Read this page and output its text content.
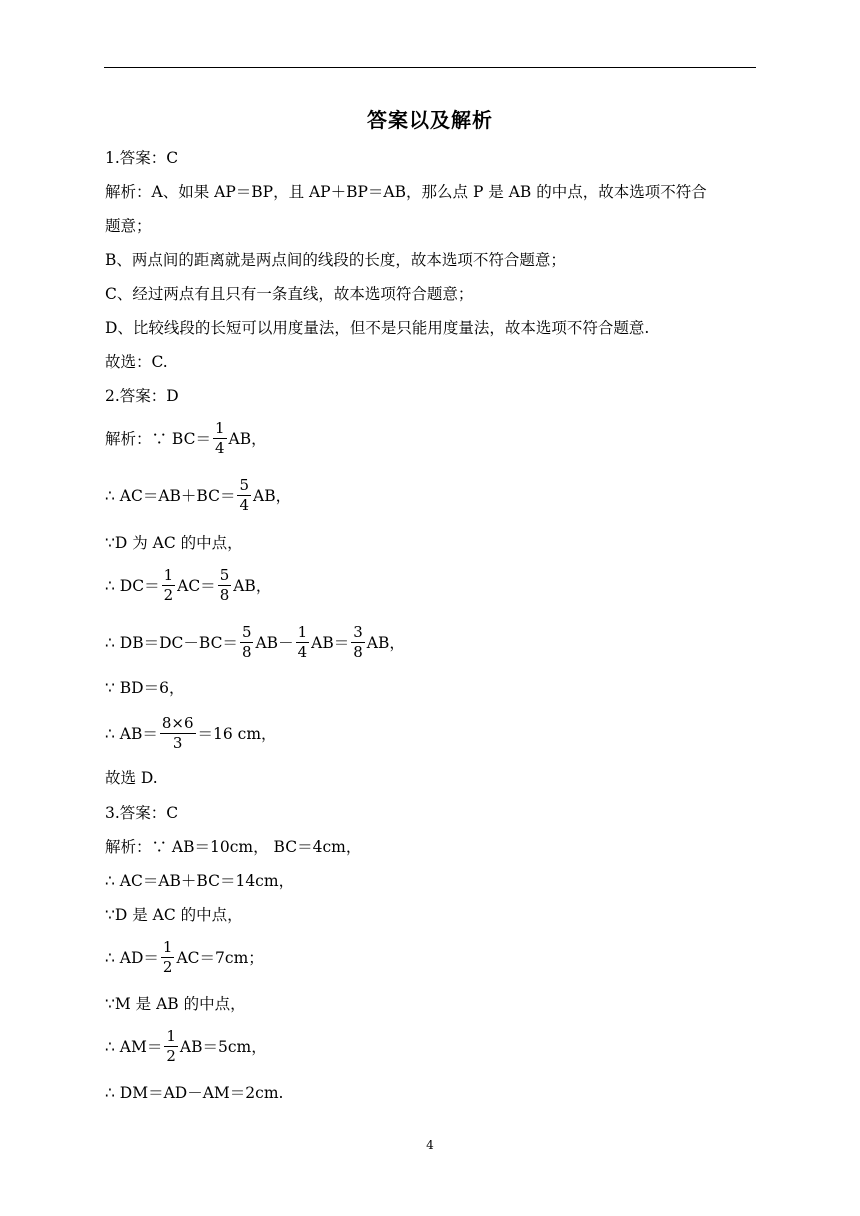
答案以及解析
1.答案：C
解析：A、如果 AP＝BP，且 AP＋BP＝AB，那么点 P 是 AB 的中点，故本选项不符合
题意；
B、两点间的距离就是两点间的线段的长度，故本选项不符合题意；
C、经过两点有且只有一条直线，故本选项符合题意；
D、比较线段的长短可以用度量法，但不是只能用度量法，故本选项不符合题意.
故选：C.
2.答案：D
解析：∵ $BC= \frac{1}{4}$ AB，
∴ $AC=AB+BC= \frac{5}{4}$ AB，
∵D 为 AC 的中点，
∴ $DC= \frac{1}{2} AC= \frac{5}{8}$ AB，
∴ $DB=DC-BC= \frac{5}{8} AB- \frac{1}{4} AB= \frac{3}{8}$ AB，
∵ BD＝6，
∴ $AB= \frac{8\times 6}{3} =16$ cm，
故选 D.
3.答案：C
解析：∵ AB＝10cm， BC＝4cm，
∴ AC＝AB＋BC＝14cm，
∵D 是 AC 的中点，
∴ $AD= \frac{1}{2} AC=7cm$；
∵M 是 AB 的中点，
∴ $AM= \frac{1}{2} AB=5cm$，
∴ DM＝AD－AM＝2cm.
4
